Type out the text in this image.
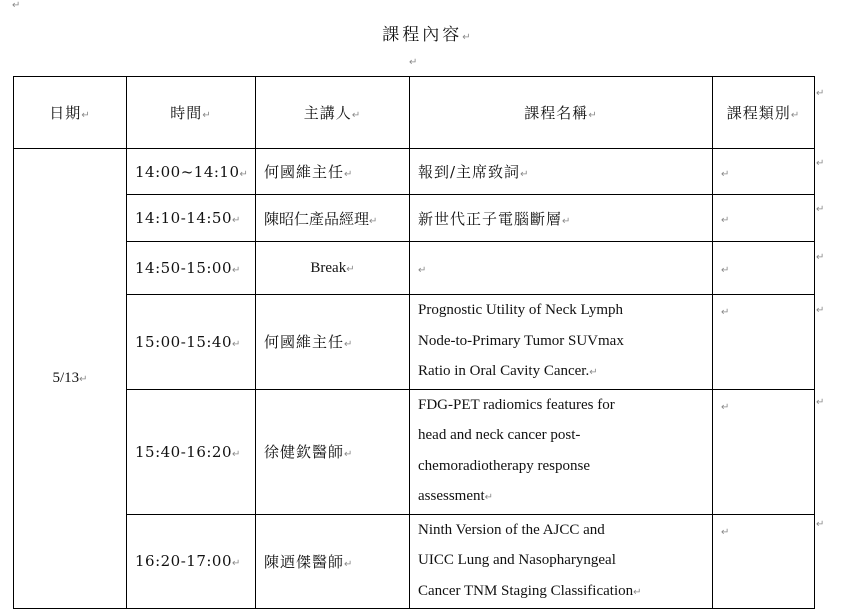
↵
課程內容↵
↵
↵
↵
↵
↵
↵
↵
↵
日期↵	時間↵	主講人↵	課程名稱↵	課程類別↵
5/13↵	14:00~14:10↵	何國維主任↵	報到/主席致詞↵	↵
	14:10-14:50↵	陳昭仁產品經理↵	新世代正子電腦斷層↵	↵
	14:50-15:00↵	Break↵	↵	↵
	15:00-15:40↵	何國維主任↵	Prognostic Utility of Neck Lymph
Node-to-Primary Tumor SUVmax
Ratio in Oral Cavity Cancer.↵	↵
	15:40-16:20↵	徐健欽醫師↵	FDG-PET radiomics features for
head and neck cancer post-
chemoradiotherapy response
assessment↵	↵
	16:20-17:00↵	陳迺傑醫師↵	Ninth Version of the AJCC and
UICC Lung and Nasopharyngeal
Cancer TNM Staging Classification↵	↵
